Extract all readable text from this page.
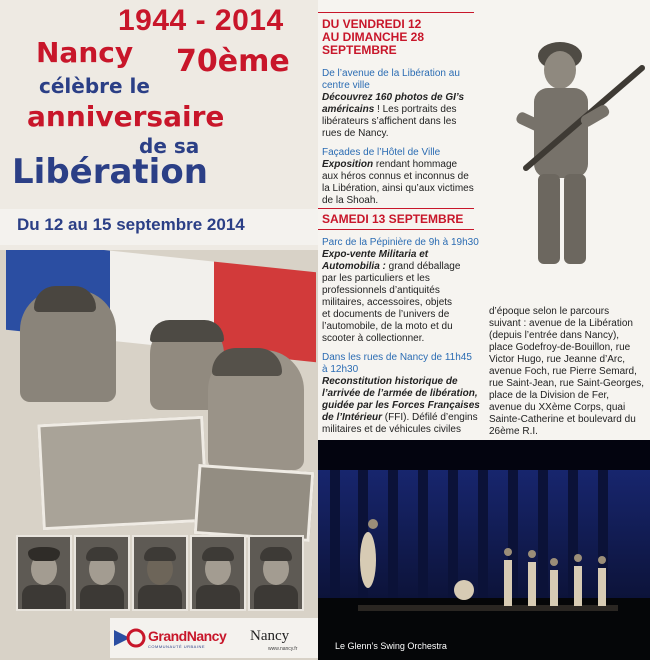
1944 - 2014
Nancy 70ème
célèbre le
anniversaire
de sa
Libération
Du 12 au 15 septembre 2014
GrandNancy
COMMUNAUTÉ URBAINE
Nancy
www.nancy.fr
DU VENDREDI 12
AU DIMANCHE 28
SEPTEMBRE
De l’avenue de la Libération au
centre ville
Découvrez 160 photos de GI’s
américains ! Les portraits des
libérateurs s’affichent dans les
rues de Nancy.
Façades de l’Hôtel de Ville
Exposition rendant hommage
aux héros connus et inconnus de
la Libération, ainsi qu’aux victimes
de la Shoah.
SAMEDI 13 SEPTEMBRE
Parc de la Pépinière de 9h à 19h30
Expo-vente Militaria et
Automobilia : grand déballage
par les particuliers et les
professionnels d’antiquités
militaires, accessoires, objets
et documents de l’univers de
l’automobile, de la moto et du
scooter à collectionner.
Dans les rues de Nancy de 11h45
à 12h30
Reconstitution historique de
l’arrivée de l’armée de libération,
guidée par les Forces Françaises
de l’Intérieur (FFI). Défilé d’engins
militaires et de véhicules civiles
d’époque selon le parcours
suivant : avenue de la Libération
(depuis l’entrée dans Nancy),
place Godefroy-de-Bouillon, rue
Victor Hugo, rue Jeanne d’Arc,
avenue Foch, rue Pierre Semard,
rue Saint-Jean, rue Saint-Georges,
place de la Division de Fer,
avenue du XXème Corps, quai
Sainte-Catherine et boulevard du
26ème R.I.
Le Glenn’s Swing Orchestra
